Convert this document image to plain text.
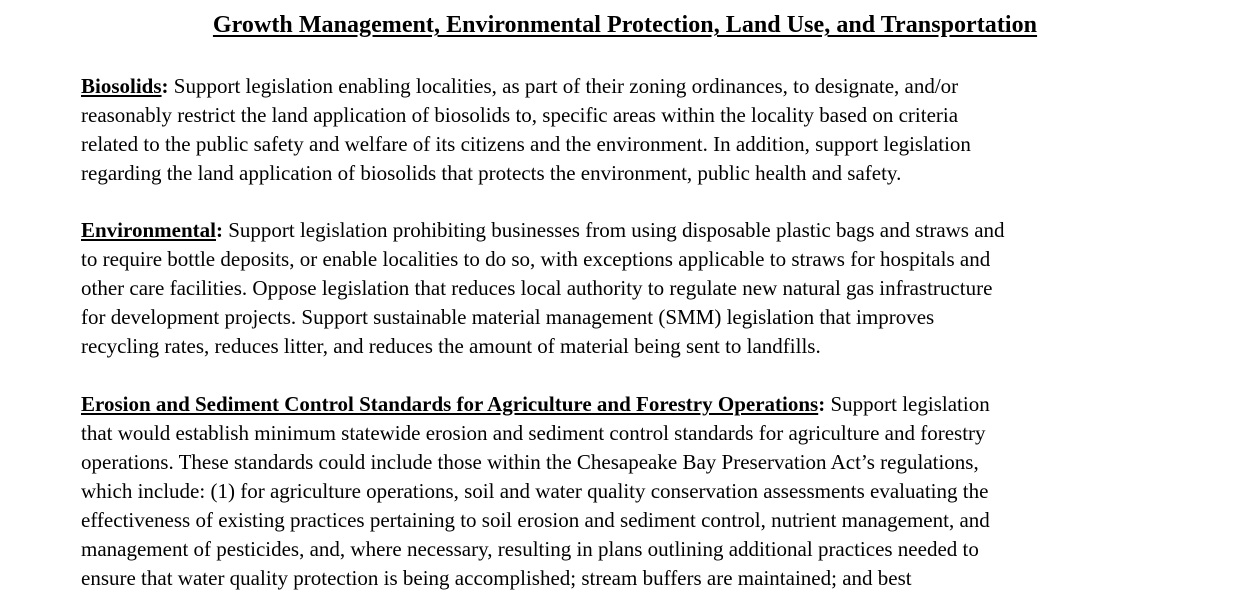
Growth Management, Environmental Protection, Land Use, and Transportation

Biosolids: Support legislation enabling localities, as part of their zoning ordinances, to designate, and/or
reasonably restrict the land application of biosolids to, specific areas within the locality based on criteria
related to the public safety and welfare of its citizens and the environment. In addition, support legislation
regarding the land application of biosolids that protects the environment, public health and safety.

Environmental: Support legislation prohibiting businesses from using disposable plastic bags and straws and
to require bottle deposits, or enable localities to do so, with exceptions applicable to straws for hospitals and
other care facilities. Oppose legislation that reduces local authority to regulate new natural gas infrastructure
for development projects. Support sustainable material management (SMM) legislation that improves
recycling rates, reduces litter, and reduces the amount of material being sent to landfills.

Erosion and Sediment Control Standards for Agriculture and Forestry Operations: Support legislation
that would establish minimum statewide erosion and sediment control standards for agriculture and forestry
operations. These standards could include those within the Chesapeake Bay Preservation Act’s regulations,
which include: (1) for agriculture operations, soil and water quality conservation assessments evaluating the
effectiveness of existing practices pertaining to soil erosion and sediment control, nutrient management, and
management of pesticides, and, where necessary, resulting in plans outlining additional practices needed to
ensure that water quality protection is being accomplished; stream buffers are maintained; and best
